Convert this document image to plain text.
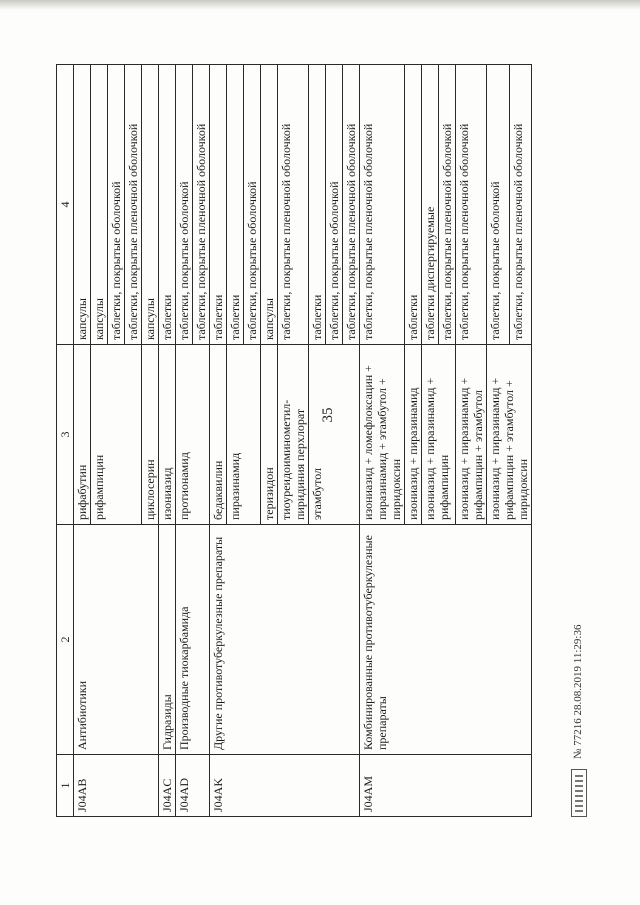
35
1	2	3	4
J04AB	Антибиотики	рифабутин	капсулы
		рифампицин	капсулы
			таблетки, покрытые оболочкой
			таблетки, покрытые пленочной оболочкой
		циклосерин	капсулы
J04AC	Гидразиды	изониазид	таблетки
J04AD	Производные тиокарбамида	протионамид	таблетки, покрытые оболочкой
			таблетки, покрытые пленочной оболочкой
J04AK	Другие противотуберкулезные препараты	бедаквилин	таблетки
		пиразинамид	таблетки
			таблетки, покрытые оболочкой
		теризидон	капсулы
		тиоуреидоиминометил-пиридиния перхлорат	таблетки, покрытые пленочной оболочкой
		этамбутол	таблетки
			таблетки, покрытые оболочкой
			таблетки, покрытые пленочной оболочкой
J04AM	Комбинированные противотуберкулезные препараты	изониазид + ломефлоксацин + пиразинамид + этамбутол + пиридоксин	таблетки, покрытые пленочной оболочкой
		изониазид + пиразинамид	таблетки
		изониазид + пиразинамид + рифампицин	таблетки диспергируемые
			таблетки, покрытые пленочной оболочкой
		изониазид + пиразинамид + рифампицин + этамбутол	таблетки, покрытые пленочной оболочкой
		изониазид + пиразинамид + рифампицин + этамбутол + пиридоксин	таблетки, покрытые оболочкой
			таблетки, покрытые пленочной оболочкой
№ 77216 28.08.2019 11:29:36
